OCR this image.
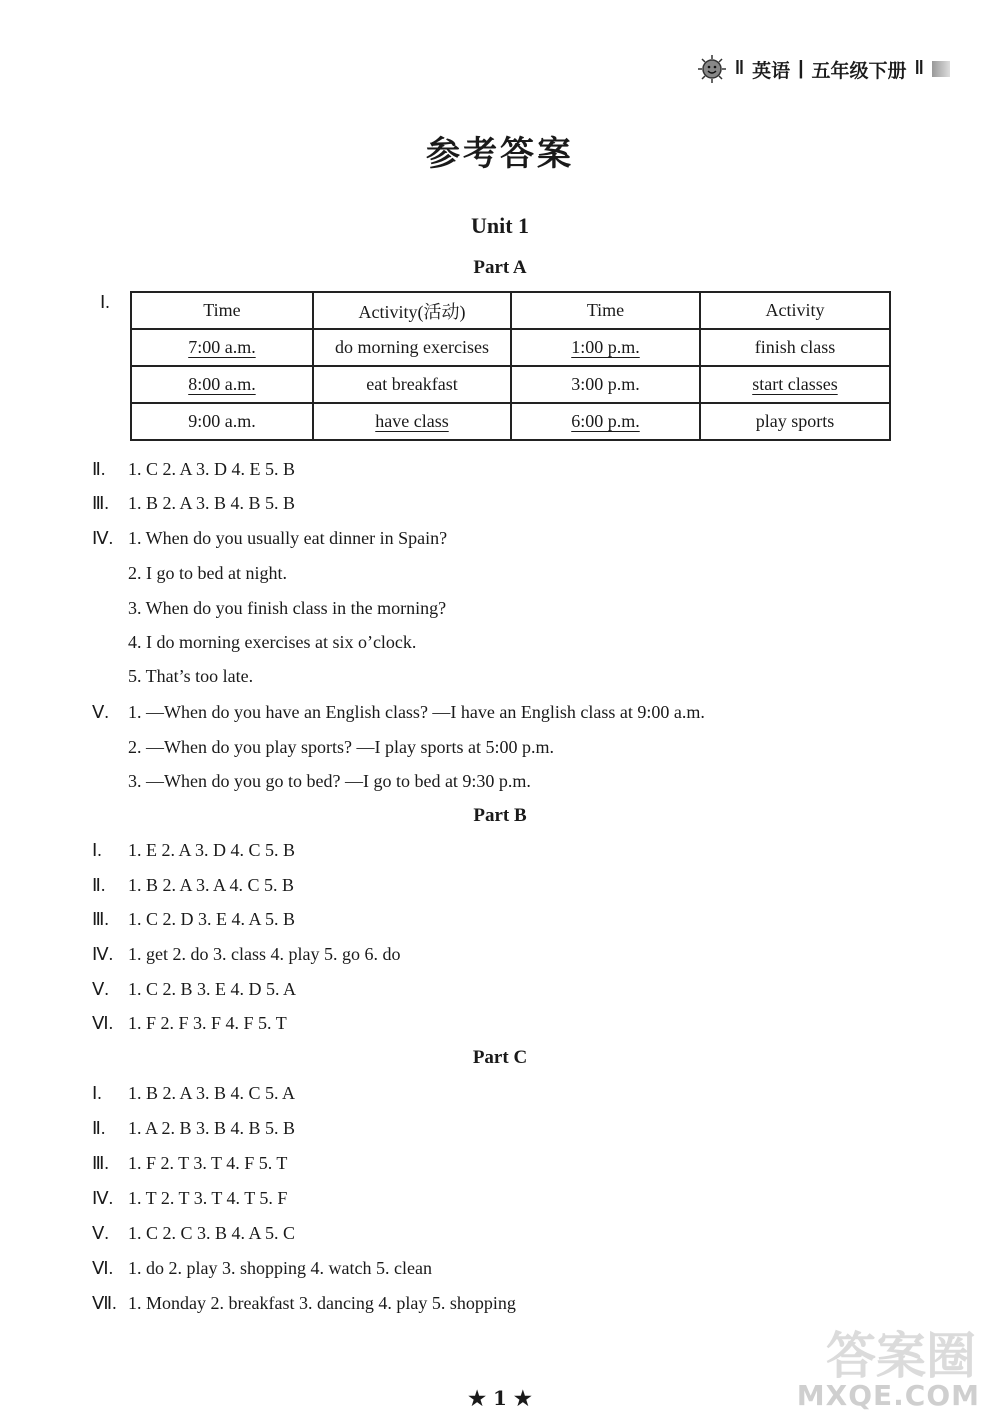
‖ 英语 | 五年级下册 ‖
参考答案
Unit 1
Part A
Ⅰ.	Time	Activity(活动)	Time	Activity
7:00 a.m.	do morning exercises	1:00 p.m.	finish class
8:00 a.m.	eat breakfast	3:00 p.m.	start classes
9:00 a.m.	have class	6:00 p.m.	play sports
Ⅱ. 1. C 2. A 3. D 4. E 5. B
Ⅲ. 1. B 2. A 3. B 4. B 5. B
Ⅳ. 1. When do you usually eat dinner in Spain?
2. I go to bed at night.
3. When do you finish class in the morning?
4. I do morning exercises at six o’clock.
5. That’s too late.
Ⅴ. 1. —When do you have an English class? —I have an English class at 9:00 a.m.
2. —When do you play sports? —I play sports at 5:00 p.m.
3. —When do you go to bed? —I go to bed at 9:30 p.m.
Part B
Ⅰ. 1. E 2. A 3. D 4. C 5. B
Ⅱ. 1. B 2. A 3. A 4. C 5. B
Ⅲ. 1. C 2. D 3. E 4. A 5. B
Ⅳ. 1. get 2. do 3. class 4. play 5. go 6. do
Ⅴ. 1. C 2. B 3. E 4. D 5. A
Ⅵ. 1. F 2. F 3. F 4. F 5. T
Part C
Ⅰ. 1. B 2. A 3. B 4. C 5. A
Ⅱ. 1. A 2. B 3. B 4. B 5. B
Ⅲ. 1. F 2. T 3. T 4. F 5. T
Ⅳ. 1. T 2. T 3. T 4. T 5. F
Ⅴ. 1. C 2. C 3. B 4. A 5. C
Ⅵ. 1. do 2. play 3. shopping 4. watch 5. clean
Ⅶ. 1. Monday 2. breakfast 3. dancing 4. play 5. shopping
★ 1 ★
答案圈
MXQE.COM
